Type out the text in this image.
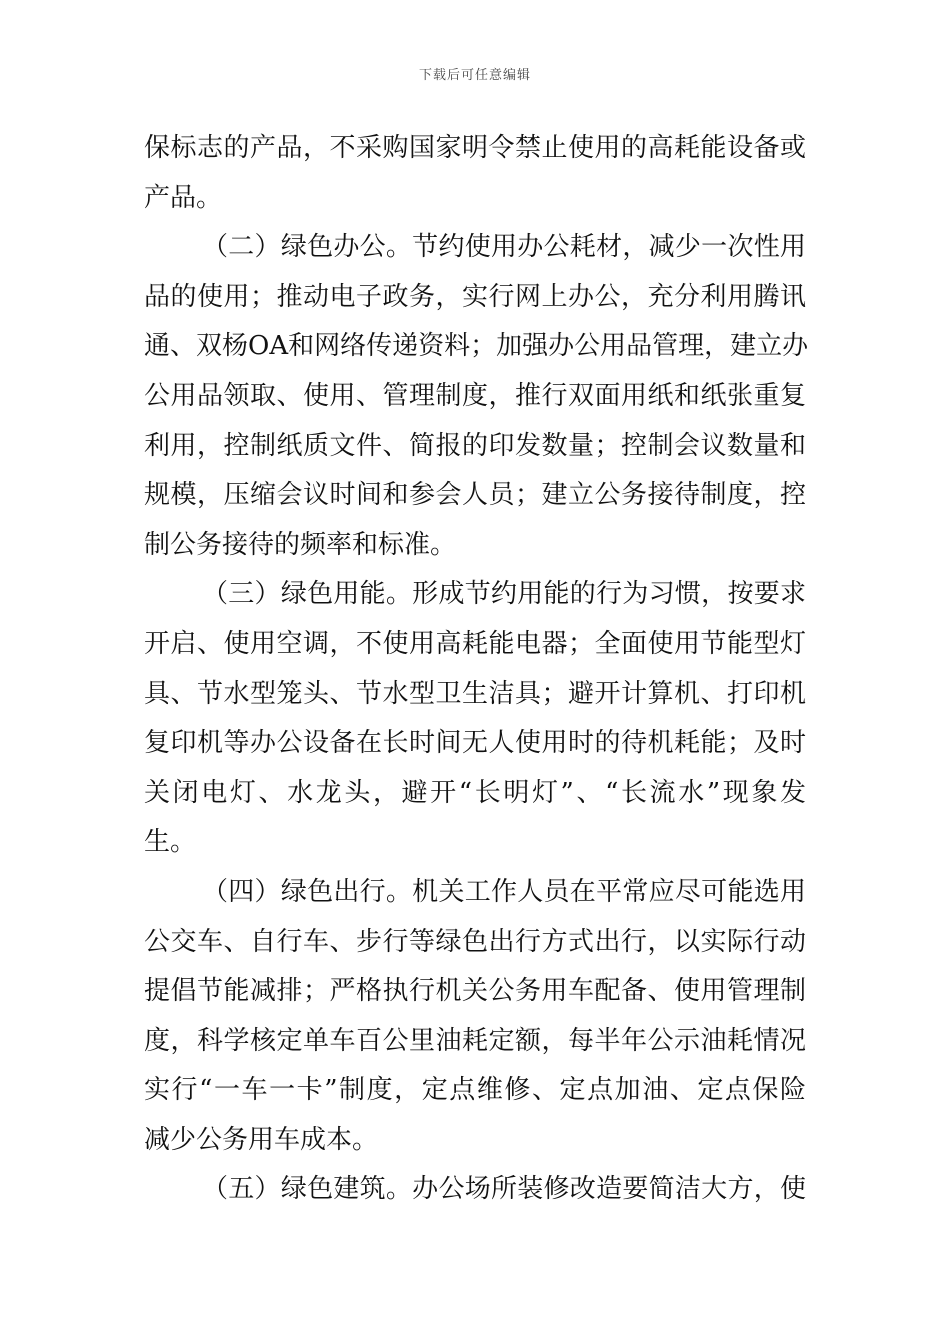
下载后可任意编辑
保标志的产品，不采购国家明令禁止使用的高耗能设备或
产品。
（二）绿色办公。节约使用办公耗材，减少一次性用
品的使用；推动电子政务，实行网上办公，充分利用腾讯
通、双杨OA和网络传递资料；加强办公用品管理，建立办
公用品领取、使用、管理制度，推行双面用纸和纸张重复
利用，控制纸质文件、简报的印发数量；控制会议数量和
规模，压缩会议时间和参会人员；建立公务接待制度，控
制公务接待的频率和标准。
（三）绿色用能。形成节约用能的行为习惯，按要求
开启、使用空调，不使用高耗能电器；全面使用节能型灯
具、节水型笼头、节水型卫生洁具；避开计算机、打印机
复印机等办公设备在长时间无人使用时的待机耗能；及时
关闭电灯、水龙头，避开“长明灯”、“长流水”现象发
生。
（四）绿色出行。机关工作人员在平常应尽可能选用
公交车、自行车、步行等绿色出行方式出行，以实际行动
提倡节能减排；严格执行机关公务用车配备、使用管理制
度，科学核定单车百公里油耗定额，每半年公示油耗情况
实行“一车一卡”制度，定点维修、定点加油、定点保险
减少公务用车成本。
（五）绿色建筑。办公场所装修改造要简洁大方，使
